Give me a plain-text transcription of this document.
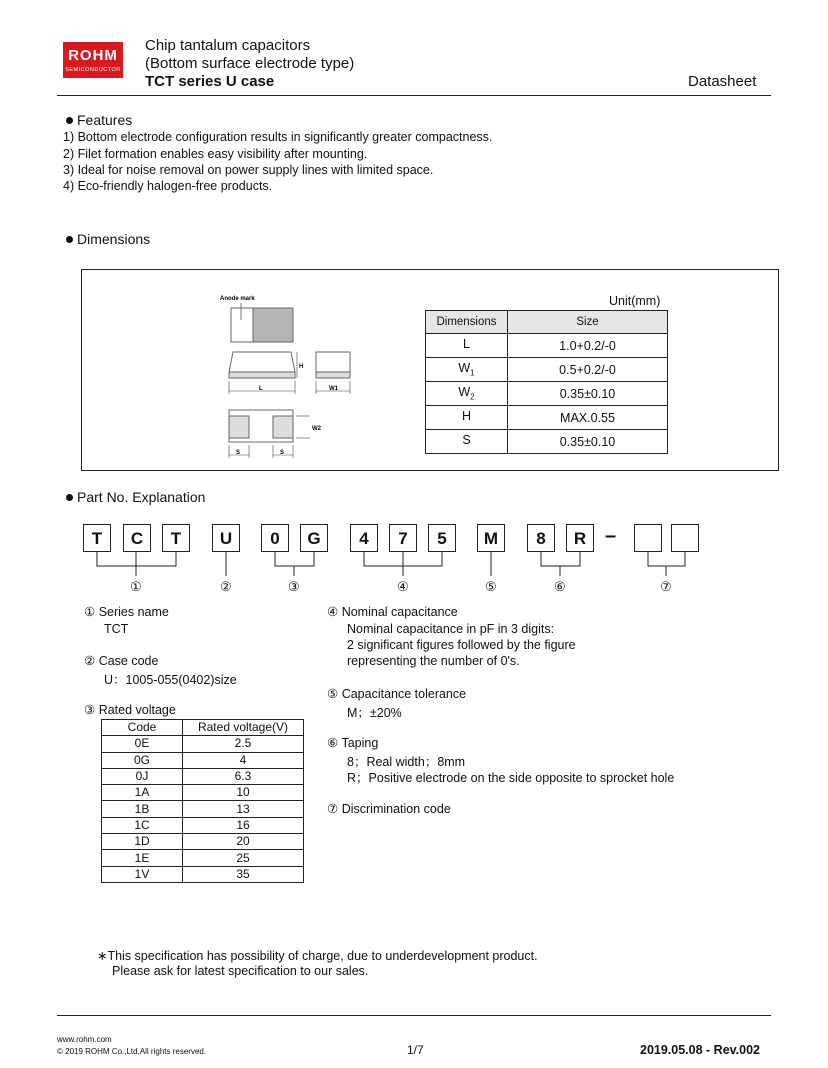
ROHM
SEMICONDUCTOR
Chip tantalum capacitors
(Bottom surface electrode type)
TCT series U case	Datasheet
Features
1) Bottom electrode configuration results in significantly greater compactness.
2) Filet formation enables easy visibility after mounting.
3) Ideal for noise removal on power supply lines with limited space.
4) Eco-friendly halogen-free products.
Dimensions
Anode mark
H
L	W1
W2
S	S
Unit(mm)
Dimensions	Size
L	1.0+0.2/-0
$W_1$	0.5+0.2/-0
$W_2$	0.35±0.10
H	MAX.0.55
S	0.35±0.10
Part No. Explanation
T	C	T	U	0	G	4	7	5	M	8	R –
①	②	③	④	⑤	⑥	⑦
① Series name
TCT
② Case code
U：1005-055(0402)size
③ Rated voltage
Code	Rated voltage(V)
0E	2.5
0G	4
0J	6.3
1A	10
1B	13
1C	16
1D	20
1E	25
1V	35
④ Nominal capacitance
Nominal capacitance in pF in 3 digits:
2 significant figures followed by the figure
representing the number of 0's.
⑤ Capacitance tolerance
M；±20%
⑥ Taping
8；Real width；8mm
R；Positive electrode on the side opposite to sprocket hole
⑦ Discrimination code
∗This specification has possibility of charge, due to underdevelopment product.
Please ask for latest specification to our sales.
www.rohm.com
© 2019 ROHM Co.,Ltd.All rights reserved.	1/7	2019.05.08 - Rev.002
